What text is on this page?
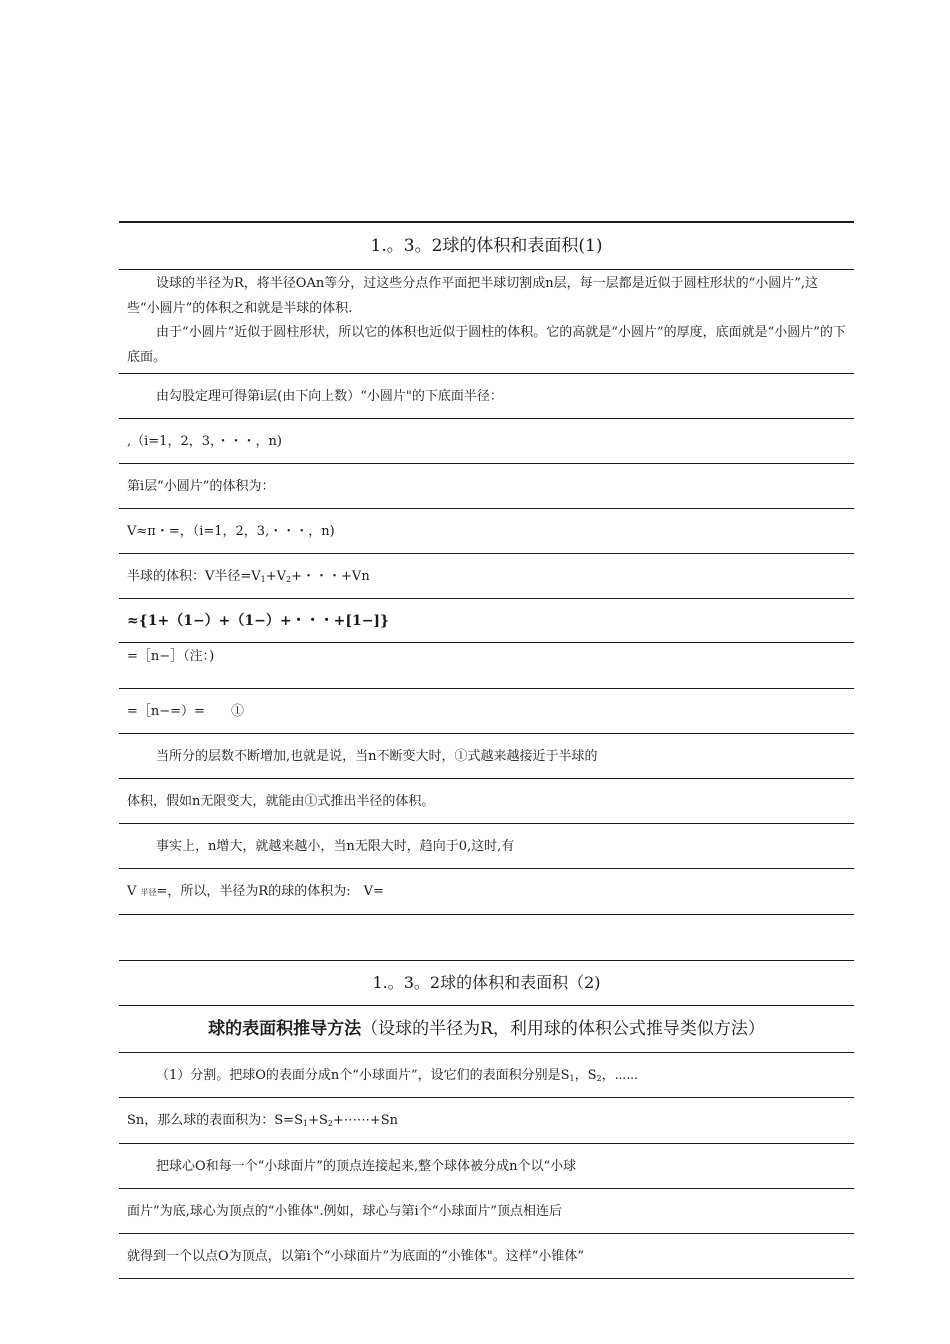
1.。3。2球的体积和表面积(1)

设球的半径为R，将半径OAn等分，过这些分点作平面把半球切割成n层，每一层都是近似于圆柱形状的“小圆片”,这些“小圆片”的体积之和就是半球的体积.

由于“小圆片”近似于圆柱形状，所以它的体积也近似于圆柱的体积。它的高就是“小圆片”的厚度，底面就是“小圆片”的下底面。

由勾股定理可得第i层(由下向上数）“小圆片"的下底面半径：
,（i=1，2，3，・・・，n)
第i层“小圆片”的体积为：
V≈π・=，（i=1，2，3,・・・，n)
半球的体积：V半径$=V_1+V_2+$・・・+Vn
≈{1+（1−）+（1−）+・・・+[1−]}
=［n−］（注：)
=［n−=）=　　①
当所分的层数不断增加,也就是说，当n不断变大时，①式越来越接近于半球的
体积，假如n无限变大，就能由①式推出半径的体积。
事实上，n增大，就越来越小，当n无限大时，趋向于0,这时,有
V 半径=，所以，半径为R的球的体积为:　V=
1.。3。2球的体积和表面积（2)
球的表面积推导方法（设球的半径为R，利用球的体积公式推导类似方法）
（1）分割。把球O的表面分成n个“小球面片”，设它们的表面积分别是$S_1$，$S_2$，⋯⋯
Sn，那么球的表面积为：$S=S_1+S_2+\cdots\cdots+Sn$
把球心O和每一个“小球面片”的顶点连接起来,整个球体被分成n个以“小球
面片”为底,球心为顶点的“小锥体".例如，球心与第i个“小球面片”顶点相连后
就得到一个以点O为顶点，以第i个“小球面片”为底面的“小锥体"。这样“小锥体”
